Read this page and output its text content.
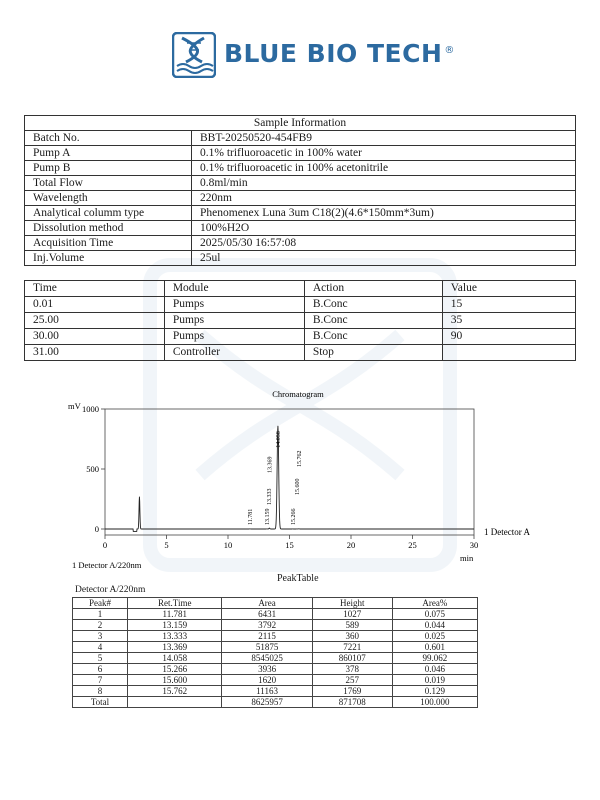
BLUE BIO TECH ®
Sample Information	
Batch No.	BBT-20250520-454FB9
Pump A	0.1% trifluoroacetic in 100% water
Pump B	0.1% trifluoroacetic in 100% acetonitrile
Total Flow	0.8ml/min
Wavelength	220nm
Analytical columm type	Phenomenex Luna 3um C18(2)(4.6*150mm*3um)
Dissolution method	100%H2O
Acquisition Time	2025/05/30 16:57:08
Inj.Volume	25ul
Time	Module	Action	Value
0.01	Pumps	B.Conc	15
25.00	Pumps	B.Conc	35
30.00	Pumps	B.Conc	90
31.00	Controller	Stop	
Chromatogram
mV
min
1 Detector A
1 Detector A/220nm
0	5	10	15	20	25	30
0
500
1000
11.781 13.159
13.333
13.369
14.058
15.266
15.600
15.762
PeakTable
Detector A/220nm
Peak#	Ret.Time	Area	Height	Area%
1	11.781	6431	1027	0.075
2	13.159	3792	589	0.044
3	13.333	2115	360	0.025
4	13.369	51875	7221	0.601
5	14.058	8545025	860107	99.062
6	15.266	3936	378	0.046
7	15.600	1620	257	0.019
8	15.762	11163	1769	0.129
Total		8625957	871708	100.000
